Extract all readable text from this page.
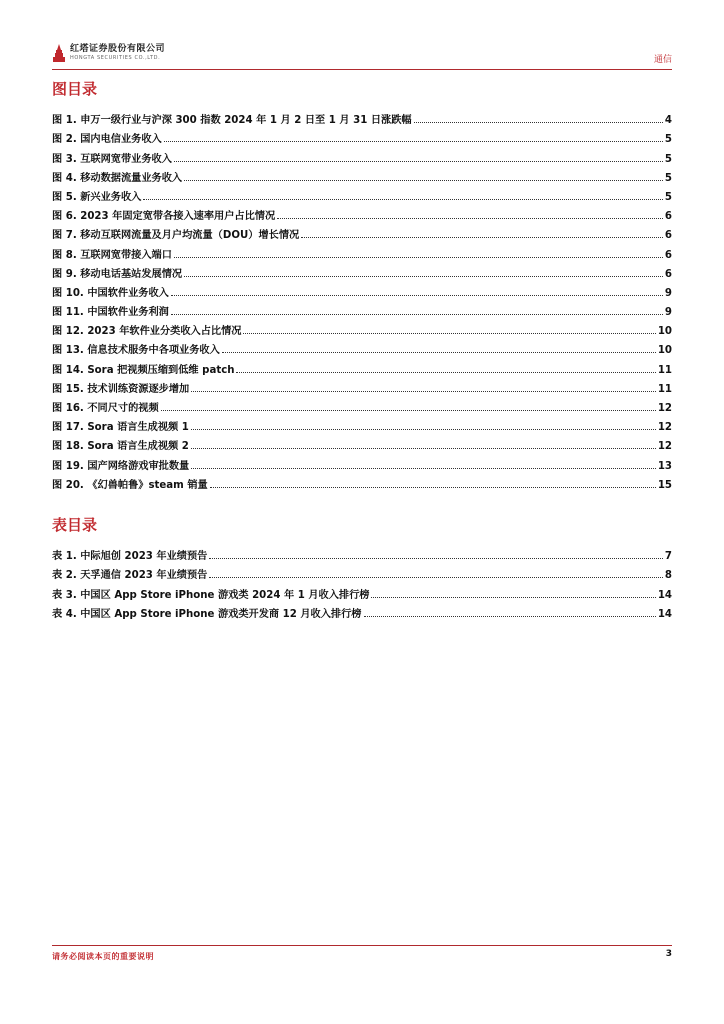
红塔证券股份有限公司
HONGTA SECURITIES CO.,LTD.	通信
图目录
图 1. 申万一级行业与沪深 300 指数 2024 年 1 月 2 日至 1 月 31 日涨跌幅	4
图 2. 国内电信业务收入	5
图 3. 互联网宽带业务收入	5
图 4. 移动数据流量业务收入	5
图 5. 新兴业务收入	5
图 6. 2023 年固定宽带各接入速率用户占比情况	6
图 7. 移动互联网流量及月户均流量（DOU）增长情况	6
图 8. 互联网宽带接入端口	6
图 9. 移动电话基站发展情况	6
图 10. 中国软件业务收入	9
图 11. 中国软件业务利润	9
图 12. 2023 年软件业分类收入占比情况	10
图 13. 信息技术服务中各项业务收入	10
图 14. Sora 把视频压缩到低维 patch	11
图 15. 技术训练资源逐步增加	11
图 16. 不同尺寸的视频	12
图 17. Sora 语言生成视频 1	12
图 18. Sora 语言生成视频 2	12
图 19. 国产网络游戏审批数量	13
图 20. 《幻兽帕鲁》steam 销量	15
表目录
表 1. 中际旭创 2023 年业绩预告	7
表 2. 天孚通信 2023 年业绩预告	8
表 3. 中国区 App Store iPhone 游戏类 2024 年 1 月收入排行榜	14
表 4. 中国区 App Store iPhone 游戏类开发商 12 月收入排行榜	14
请务必阅读本页的重要说明	3
